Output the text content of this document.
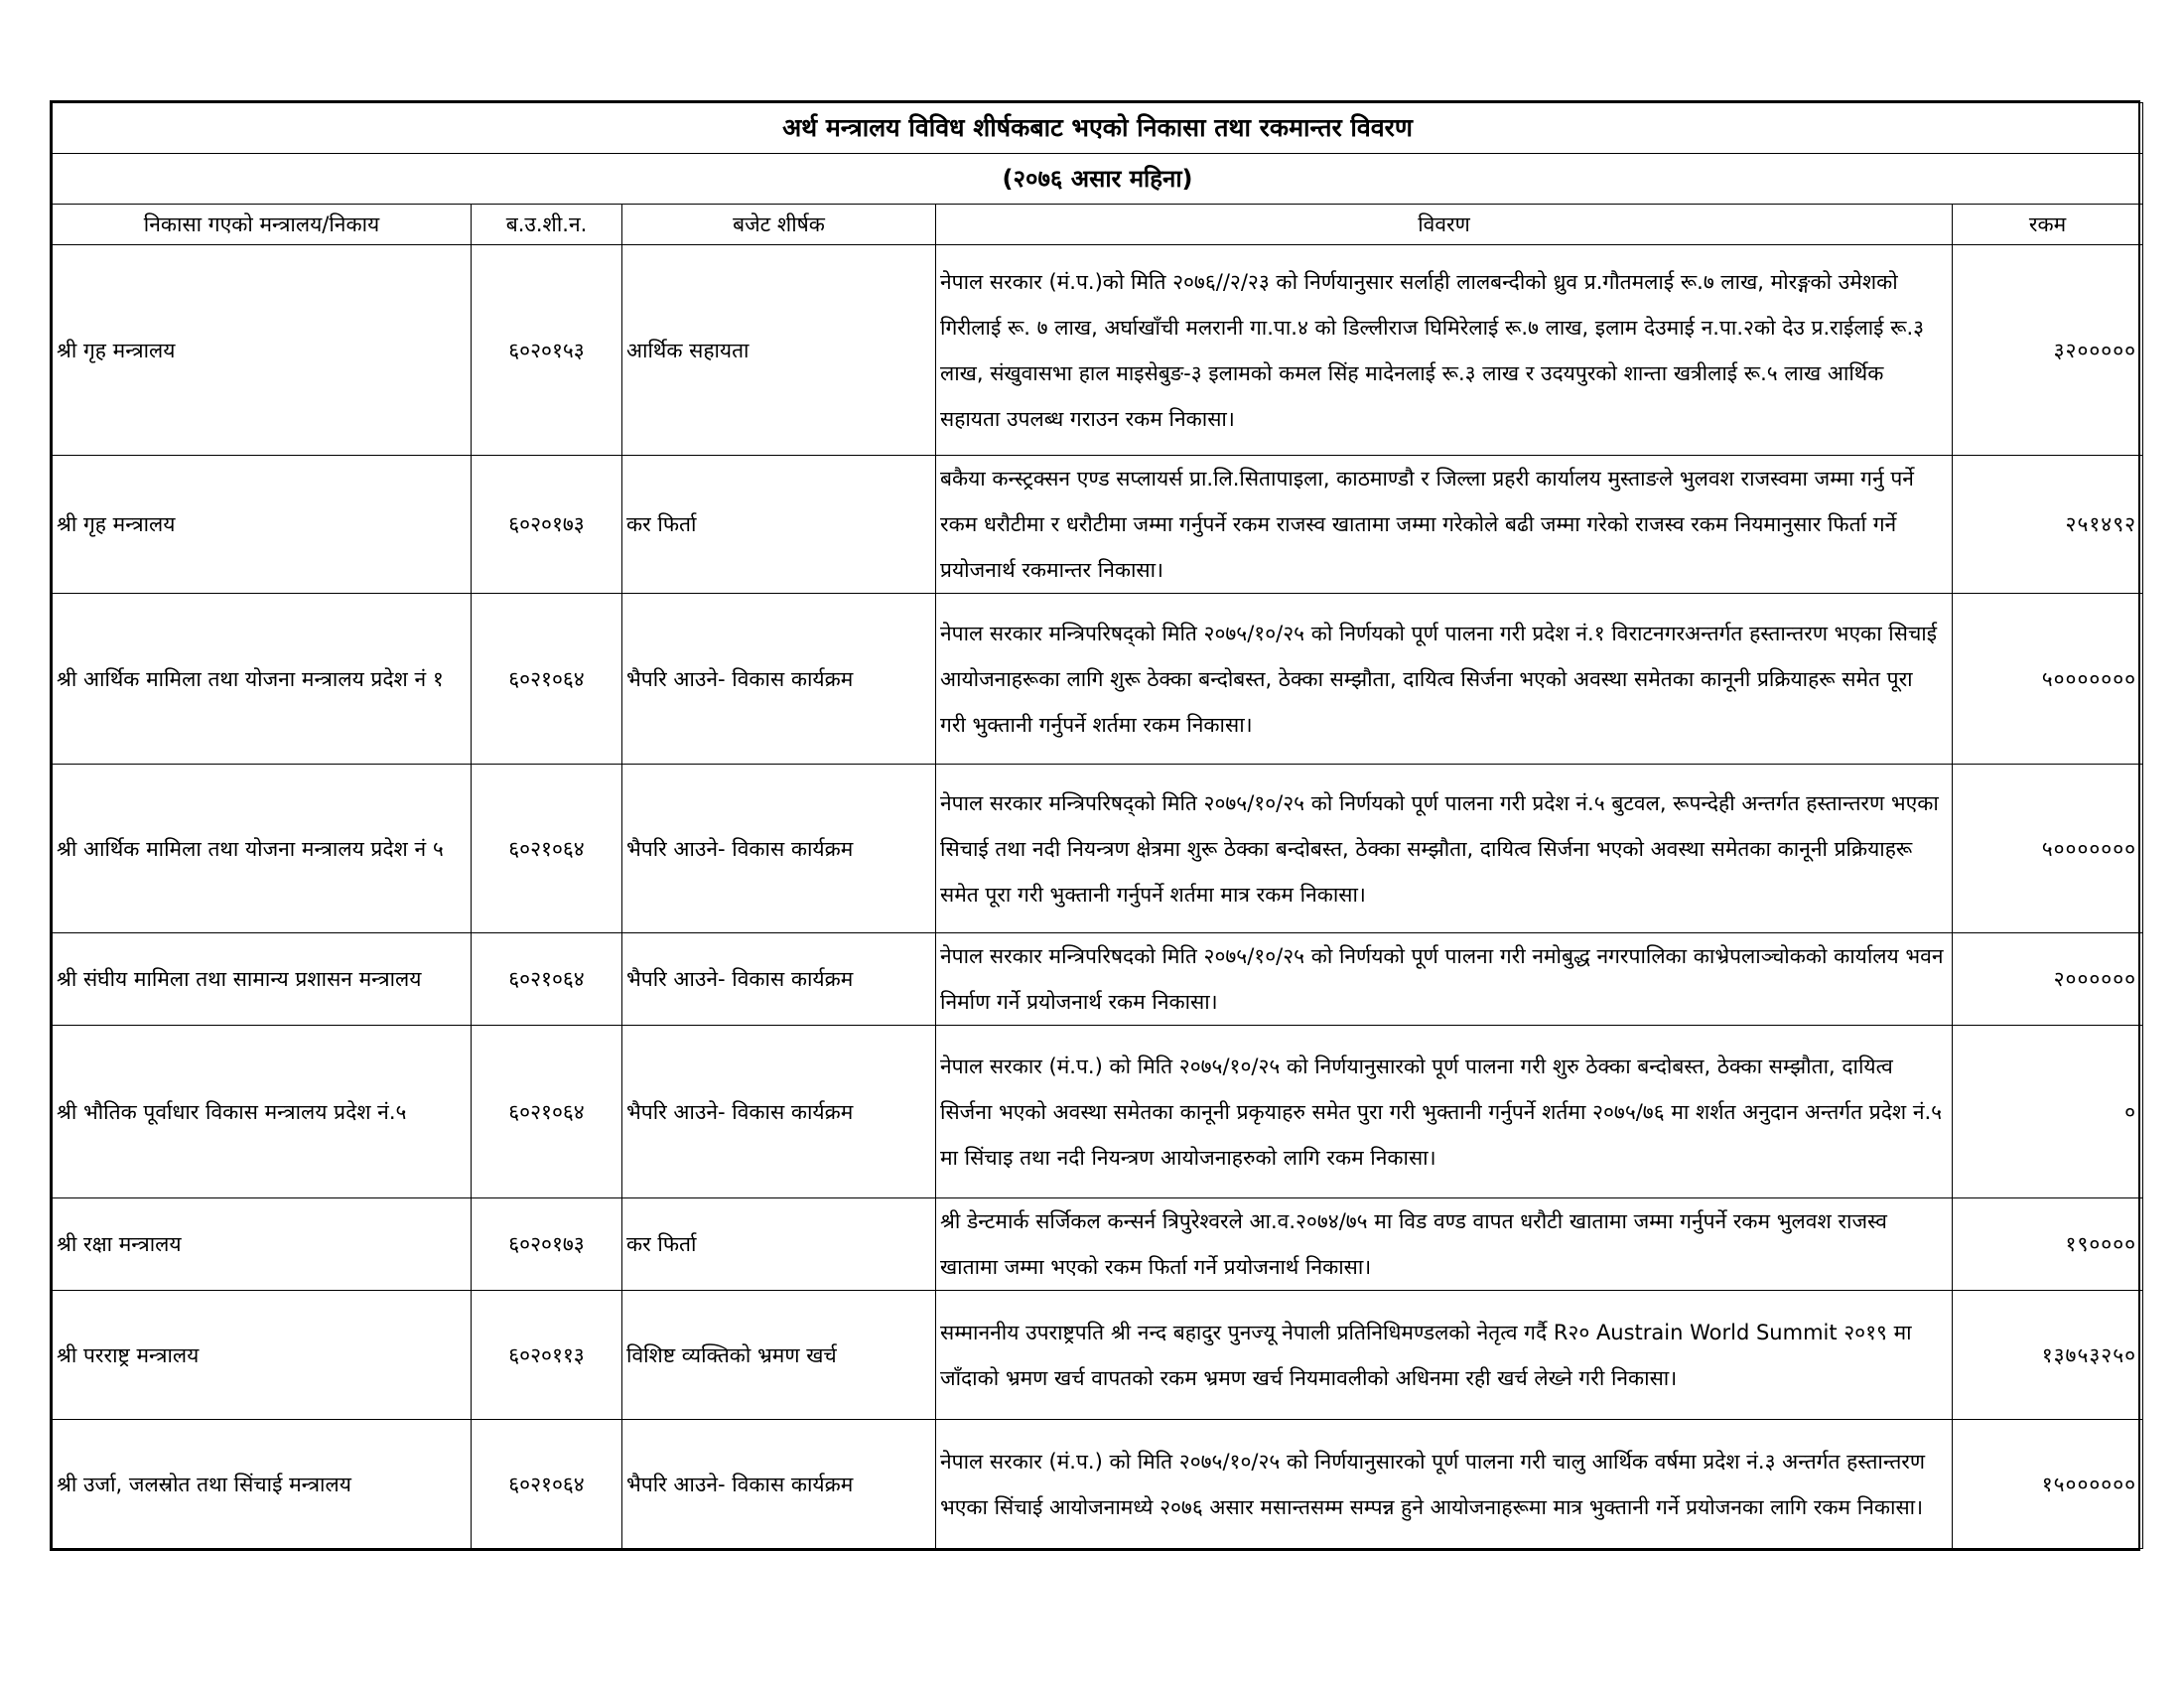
अर्थ मन्त्रालय विविध शीर्षकबाट भएको निकासा तथा रकमान्तर विवरण				
(२०७६ असार महिना)				
निकासा गएको मन्त्रालय/निकाय	ब.उ.शी.न.	बजेट शीर्षक	विवरण	रकम
श्री गृह मन्त्रालय	६०२०१५३	आर्थिक सहायता	नेपाल सरकार (मं.प.)को मिति २०७६//२/२३ को निर्णयानुसार सर्लाही लालबन्दीको ध्रुव प्र.गौतमलाई रू.७ लाख, मोरङ्गको उमेशको गिरीलाई रू. ७ लाख, अर्घाखाँची मलरानी गा.पा.४ को डिल्लीराज घिमिरेलाई रू.७ लाख, इलाम देउमाई न.पा.२को देउ प्र.राईलाई रू.३ लाख, संखुवासभा हाल माइसेबुङ-३ इलामको कमल सिंह मादेनलाई रू.३ लाख र उदयपुरको शान्ता खत्रीलाई रू.५ लाख आर्थिक सहायता उपलब्ध गराउन रकम निकासा।	३२०००००
श्री गृह मन्त्रालय	६०२०१७३	कर फिर्ता	बकैया कन्स्ट्रक्सन एण्ड सप्लायर्स प्रा.लि.सितापाइला, काठमाण्डौ र जिल्ला प्रहरी कार्यालय मुस्ताङले भुलवश राजस्वमा जम्मा गर्नु पर्ने रकम धरौटीमा र धरौटीमा जम्मा गर्नुपर्ने रकम राजस्व खातामा जम्मा गरेकोले बढी जम्मा गरेको राजस्व रकम नियमानुसार फिर्ता गर्ने प्रयोजनार्थ रकमान्तर निकासा।	२५१४९२
श्री आर्थिक मामिला तथा योजना मन्त्रालय प्रदेश नं १	६०२१०६४	भैपरि आउने- विकास कार्यक्रम	नेपाल सरकार मन्त्रिपरिषद्को मिति २०७५/१०/२५ को निर्णयको पूर्ण पालना गरी प्रदेश नं.१ विराटनगरअन्तर्गत हस्तान्तरण भएका सिचाई आयोजनाहरूका लागि शुरू ठेक्का बन्दोबस्त, ठेक्का सम्झौता, दायित्व सिर्जना भएको अवस्था समेतका कानूनी प्रक्रियाहरू समेत पूरा गरी भुक्तानी गर्नुपर्ने शर्तमा रकम निकासा।	५०००००००
श्री आर्थिक मामिला तथा योजना मन्त्रालय प्रदेश नं ५	६०२१०६४	भैपरि आउने- विकास कार्यक्रम	नेपाल सरकार मन्त्रिपरिषद्को मिति २०७५/१०/२५ को निर्णयको पूर्ण पालना गरी प्रदेश नं.५ बुटवल, रूपन्देही अन्तर्गत हस्तान्तरण भएका सिचाई तथा नदी नियन्त्रण क्षेत्रमा शुरू ठेक्का बन्दोबस्त, ठेक्का सम्झौता, दायित्व सिर्जना भएको अवस्था समेतका कानूनी प्रक्रियाहरू समेत पूरा गरी भुक्तानी गर्नुपर्ने शर्तमा मात्र रकम निकासा।	५०००००००
श्री संघीय मामिला तथा सामान्य प्रशासन मन्त्रालय	६०२१०६४	भैपरि आउने- विकास कार्यक्रम	नेपाल सरकार मन्त्रिपरिषदको मिति २०७५/१०/२५ को निर्णयको पूर्ण पालना गरी नमोबुद्ध नगरपालिका काभ्रेपलाञ्चोकको कार्यालय भवन निर्माण गर्ने प्रयोजनार्थ रकम निकासा।	२००००००
श्री भौतिक पूर्वाधार विकास मन्त्रालय प्रदेश नं.५	६०२१०६४	भैपरि आउने- विकास कार्यक्रम	नेपाल सरकार (मं.प.) को मिति २०७५/१०/२५ को निर्णयानुसारको पूर्ण पालना गरी शुरु ठेक्का बन्दोबस्त, ठेक्का सम्झौता, दायित्व सिर्जना भएको अवस्था समेतका कानूनी प्रकृयाहरु समेत पुरा गरी भुक्तानी गर्नुपर्ने शर्तमा २०७५/७६ मा शर्शत अनुदान अन्तर्गत प्रदेश नं.५ मा सिंचाइ तथा नदी नियन्त्रण आयोजनाहरुको लागि रकम निकासा।	०
श्री रक्षा मन्त्रालय	६०२०१७३	कर फिर्ता	श्री डेन्टमार्क सर्जिकल कन्सर्न त्रिपुरेश्वरले आ.व.२०७४/७५ मा विड वण्ड वापत धरौटी खातामा जम्मा गर्नुपर्ने रकम भुलवश राजस्व खातामा जम्मा भएको रकम फिर्ता गर्ने प्रयोजनार्थ निकासा।	१९००००
श्री परराष्ट्र मन्त्रालय	६०२०११३	विशिष्ट व्यक्तिको भ्रमण खर्च	सम्माननीय उपराष्ट्रपति श्री नन्द बहादुर पुनज्यू नेपाली प्रतिनिधिमण्डलको नेतृत्व गर्दै R२० Austrain World Summit २०१९ मा जाँदाको भ्रमण खर्च वापतको रकम भ्रमण खर्च नियमावलीको अधिनमा रही खर्च लेख्ने गरी निकासा।	१३७५३२५०
श्री उर्जा, जलस्रोत तथा सिंचाई मन्त्रालय	६०२१०६४	भैपरि आउने- विकास कार्यक्रम	नेपाल सरकार (मं.प.) को मिति २०७५/१०/२५ को निर्णयानुसारको पूर्ण पालना गरी चालु आर्थिक वर्षमा प्रदेश नं.३ अन्तर्गत हस्तान्तरण भएका सिंचाई आयोजनामध्ये २०७६ असार मसान्तसम्म सम्पन्न हुने आयोजनाहरूमा मात्र भुक्तानी गर्ने प्रयोजनका लागि रकम निकासा।	१५००००००
